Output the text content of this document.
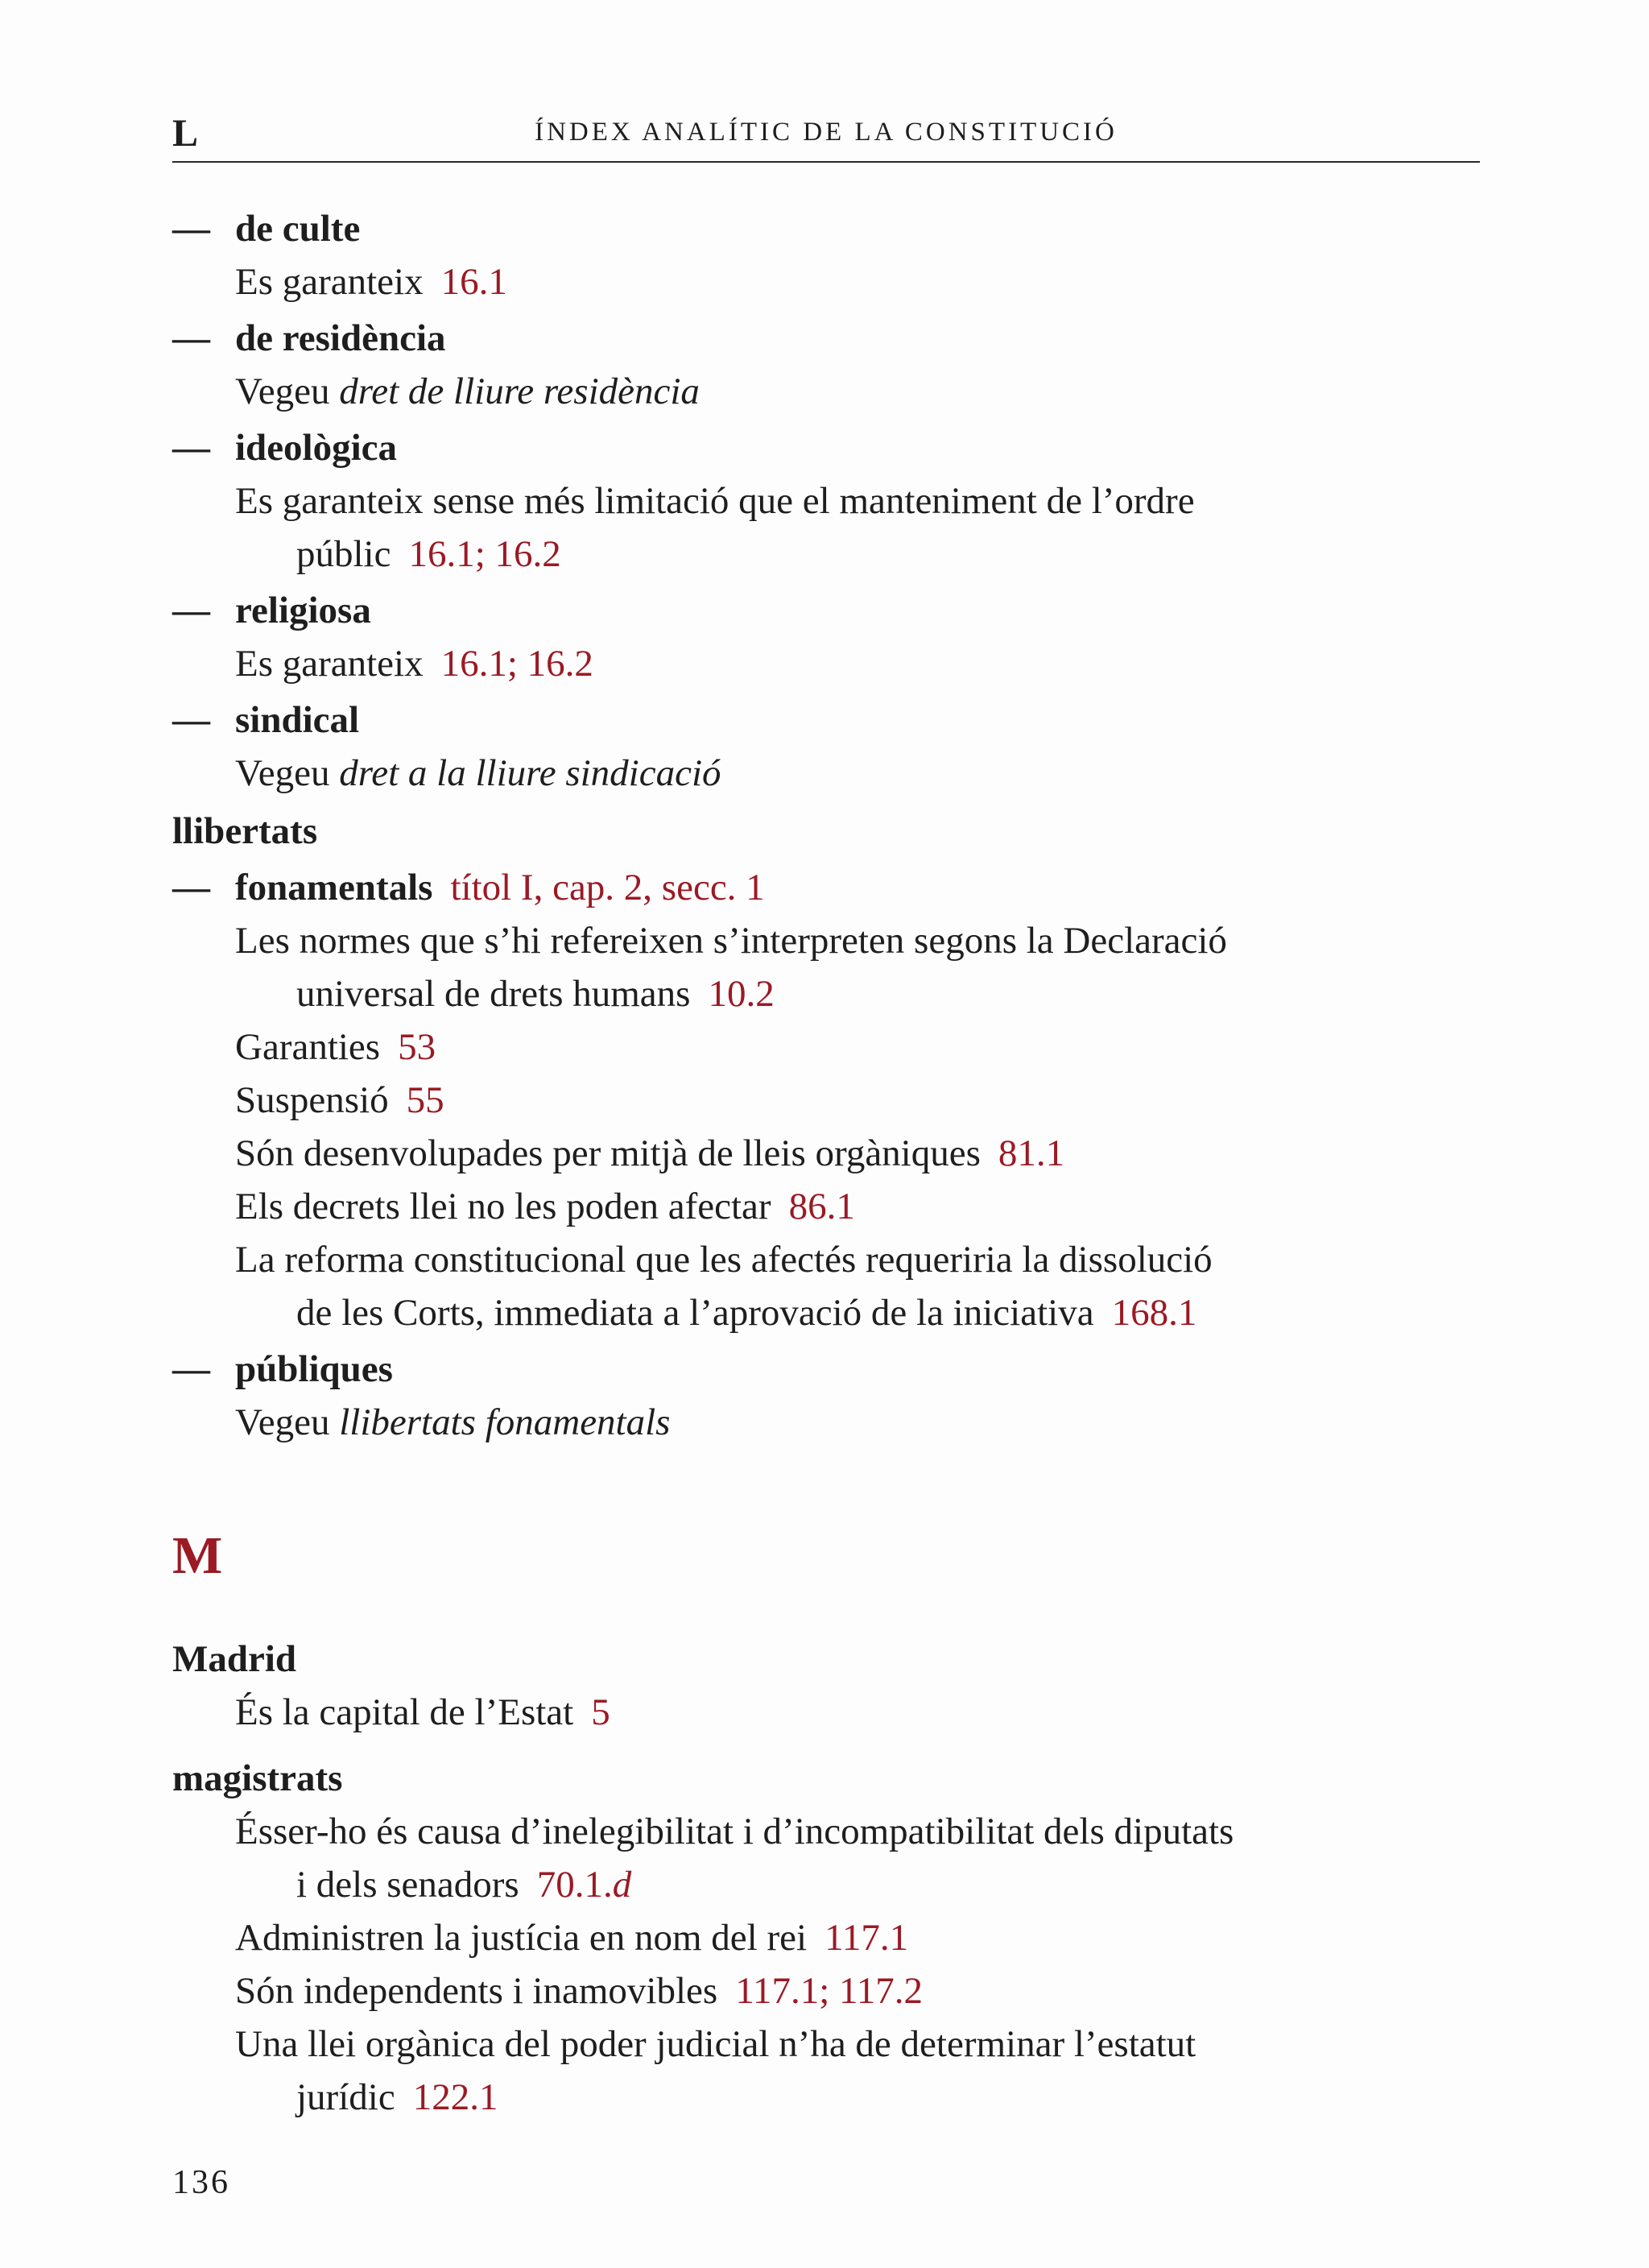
L	ÍNDEX ANALÍTIC DE LA CONSTITUCIÓ
— de culte
Es garanteix 16.1
— de residència
Vegeu dret de lliure residència
— ideològica
Es garanteix sense més limitació que el manteniment de l’ordre
públic 16.1; 16.2
— religiosa
Es garanteix 16.1; 16.2
— sindical
Vegeu dret a la lliure sindicació
llibertats
— fonamentals títol I, cap. 2, secc. 1
Les normes que s’hi refereixen s’interpreten segons la Declaració
universal de drets humans 10.2
Garanties 53
Suspensió 55
Són desenvolupades per mitjà de lleis orgàniques 81.1
Els decrets llei no les poden afectar 86.1
La reforma constitucional que les afectés requeriria la dissolució
de les Corts, immediata a l’aprovació de la iniciativa 168.1
— públiques
Vegeu llibertats fonamentals
M
Madrid
És la capital de l’Estat 5
magistrats
Ésser-ho és causa d’inelegibilitat i d’incompatibilitat dels diputats
i dels senadors 70.1.d
Administren la justícia en nom del rei 117.1
Són independents i inamovibles 117.1; 117.2
Una llei orgànica del poder judicial n’ha de determinar l’estatut
jurídic 122.1
136
